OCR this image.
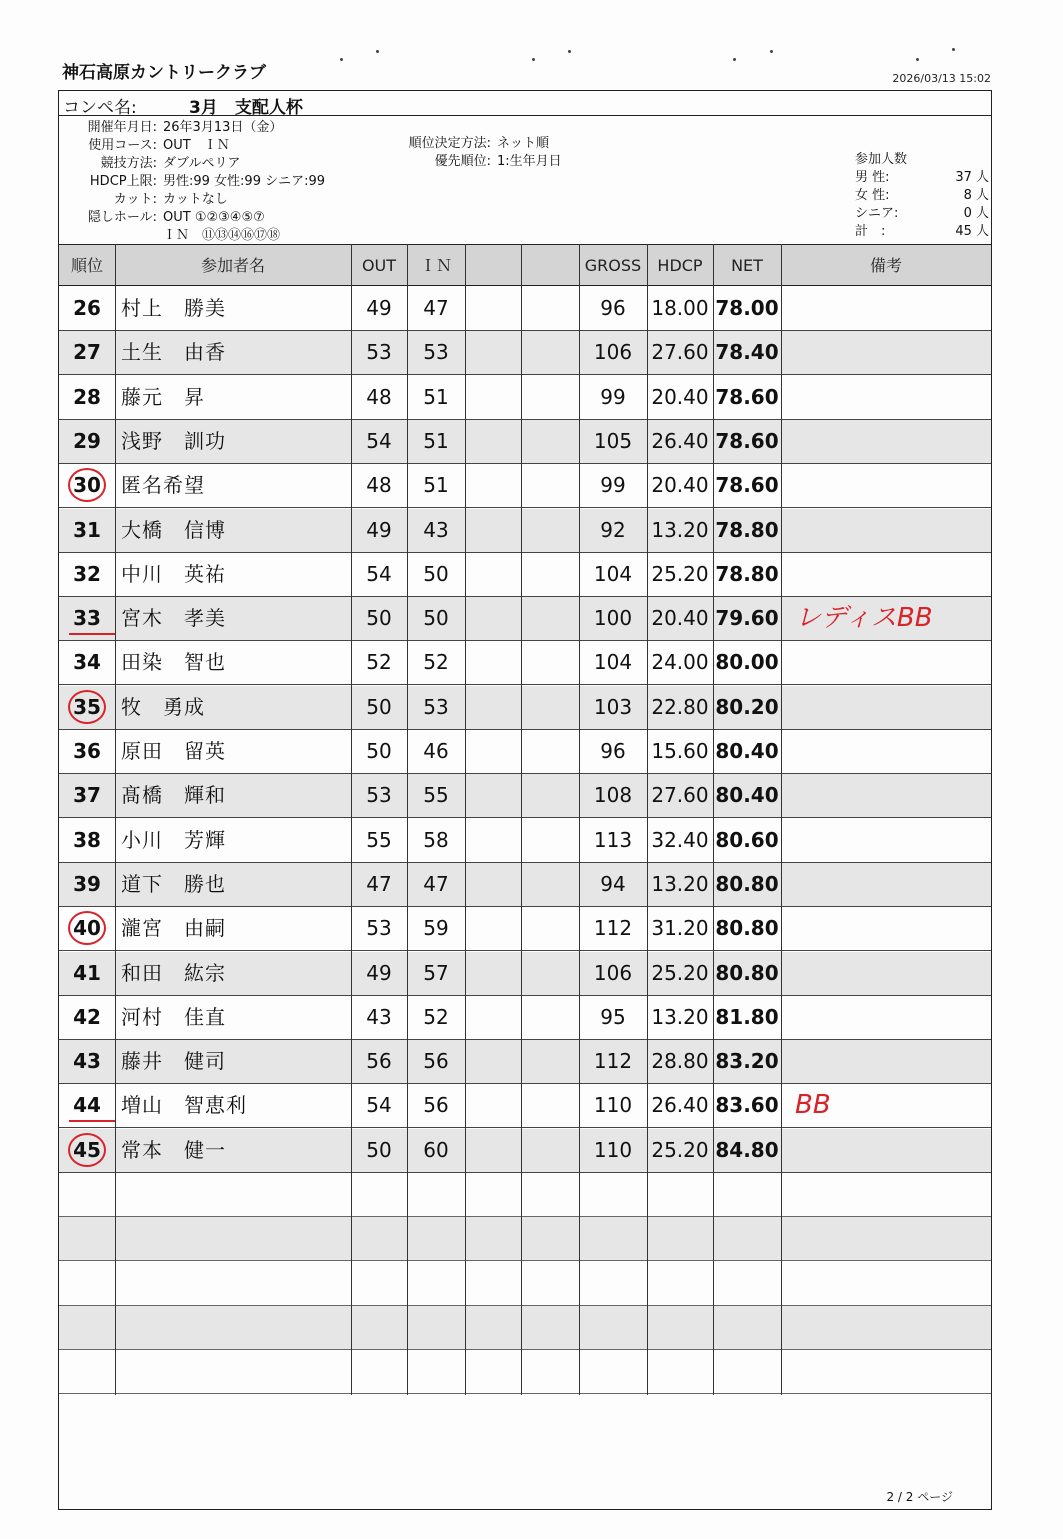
神石高原カントリークラブ	2026/03/13 15:02
コンペ名:	3月　支配人杯
開催年月日: 26年3月13日（金）
使用コース: OUT　ＩＮ
競技方法: ダブルペリア
HDCP上限: 男性:99 女性:99 シニア:99
カット: カットなし
隠しホール: OUT ①②③④⑤⑦
ＩＮ　⑪⑬⑭⑯⑰⑱
順位決定方法: ネット順
優先順位: 1:生年月日	参加人数
男 性:	37 人
女 性:	8 人
シニア:	0 人
計　:	45 人
順位	参加者名	OUT	ＩＮ	GROSS	HDCP	NET	備考
26	村上　勝美	49	47	96	18.00 78.00
27	土生　由香	53	53	106 27.60 78.40
28	藤元　昇	48	51	99	20.40 78.60
29	浅野　訓功	54	51	105 26.40 78.60
30	匿名希望	48	51	99	20.40 78.60
31	大橋　信博	49	43	92	13.20 78.80
32	中川　英祐	54	50	104 25.20 78.80
33	宮木　孝美	50	50	100 20.40 79.60 レディスBB
34	田染　智也	52	52	104 24.00 80.00
35	牧　勇成	50	53	103 22.80 80.20
36	原田　留英	50	46	96	15.60 80.40
37	髙橋　輝和	53	55	108 27.60 80.40
38	小川　芳輝	55	58	113 32.40 80.60
39	道下　勝也	47	47	94	13.20 80.80
40	瀧宮　由嗣	53	59	112 31.20 80.80
41	和田　紘宗	49	57	106 25.20 80.80
42	河村　佳直	43	52	95	13.20 81.80
43	藤井　健司	56	56	112 28.80 83.20
44	増山　智恵利	54	56	110 26.40 83.60 BB
45	常本　健一	50	60	110 25.20 84.80
2 / 2 ページ
